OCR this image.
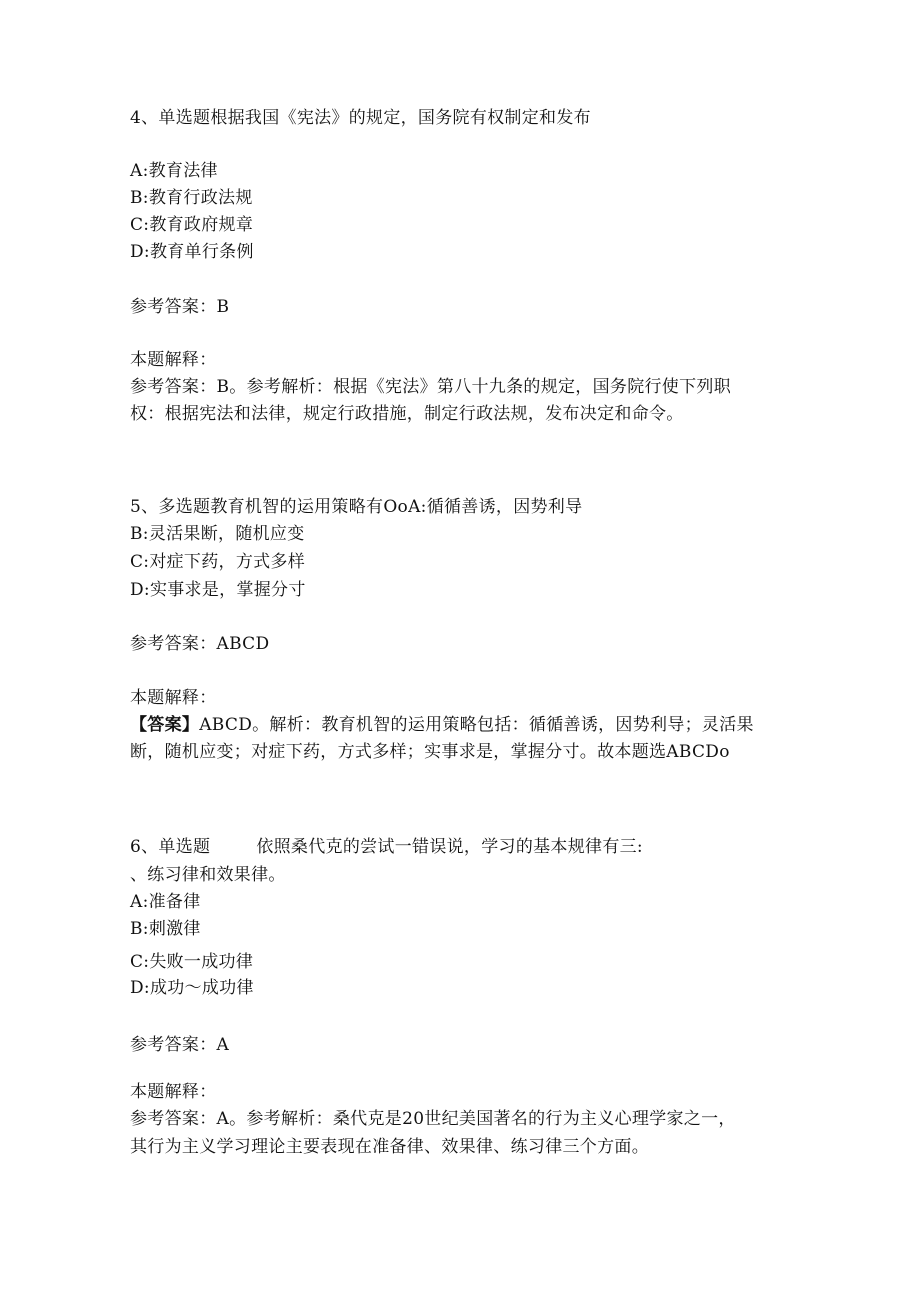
4、单选题根据我国《宪法》的规定，国务院有权制定和发布
A:教育法律
B:教育行政法规
C:教育政府规章
D:教育单行条例
参考答案：B
本题解释：
参考答案：B。参考解析：根据《宪法》第八十九条的规定，国务院行使下列职
权：根据宪法和法律，规定行政措施，制定行政法规，发布决定和命令。
5、多选题教育机智的运用策略有OoA:循循善诱，因势利导
B:灵活果断，随机应变
C:对症下药，方式多样
D:实事求是，掌握分寸
参考答案：ABCD
本题解释：
【答案】ABCD。解析：教育机智的运用策略包括：循循善诱，因势利导；灵活果
断，随机应变；对症下药，方式多样；实事求是，掌握分寸。故本题选ABCDo
6、单选题	依照桑代克的尝试一错误说，学习的基本规律有三:
、练习律和效果律。
A:准备律
B:刺激律
C:失败一成功律
D:成功～成功律
参考答案：A
本题解释：
参考答案：A。参考解析：桑代克是20世纪美国著名的行为主义心理学家之一，
其行为主义学习理论主要表现在准备律、效果律、练习律三个方面。
